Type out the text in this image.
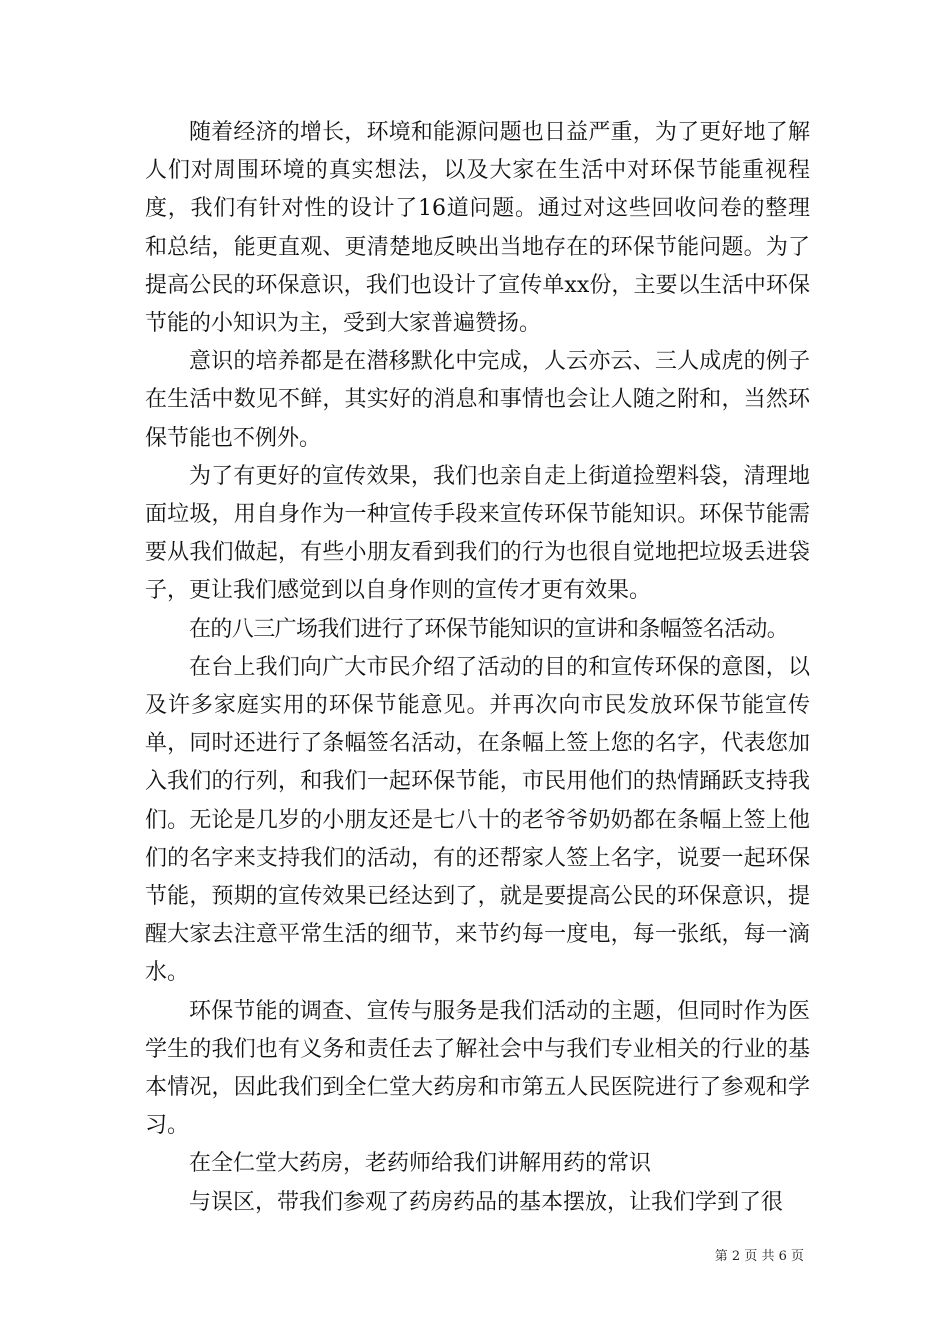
随着经济的增长，环境和能源问题也日益严重，为了更好地了解人们对周围环境的真实想法，以及大家在生活中对环保节能重视程度，我们有针对性的设计了16道问题。通过对这些回收问卷的整理和总结，能更直观、更清楚地反映出当地存在的环保节能问题。为了提高公民的环保意识，我们也设计了宣传单xx份，主要以生活中环保节能的小知识为主，受到大家普遍赞扬。

意识的培养都是在潜移默化中完成，人云亦云、三人成虎的例子在生活中数见不鲜，其实好的消息和事情也会让人随之附和，当然环保节能也不例外。

为了有更好的宣传效果，我们也亲自走上街道捡塑料袋，清理地面垃圾，用自身作为一种宣传手段来宣传环保节能知识。环保节能需要从我们做起，有些小朋友看到我们的行为也很自觉地把垃圾丢进袋子，更让我们感觉到以自身作则的宣传才更有效果。

在的八三广场我们进行了环保节能知识的宣讲和条幅签名活动。

在台上我们向广大市民介绍了活动的目的和宣传环保的意图，以及许多家庭实用的环保节能意见。并再次向市民发放环保节能宣传单，同时还进行了条幅签名活动，在条幅上签上您的名字，代表您加入我们的行列，和我们一起环保节能，市民用他们的热情踊跃支持我们。无论是几岁的小朋友还是七八十的老爷爷奶奶都在条幅上签上他们的名字来支持我们的活动，有的还帮家人签上名字，说要一起环保节能，预期的宣传效果已经达到了，就是要提高公民的环保意识，提醒大家去注意平常生活的细节，来节约每一度电，每一张纸，每一滴水。

环保节能的调查、宣传与服务是我们活动的主题，但同时作为医学生的我们也有义务和责任去了解社会中与我们专业相关的行业的基本情况，因此我们到全仁堂大药房和市第五人民医院进行了参观和学习。

在全仁堂大药房，老药师给我们讲解用药的常识

与误区，带我们参观了药房药品的基本摆放，让我们学到了很

第 2 页 共 6 页
